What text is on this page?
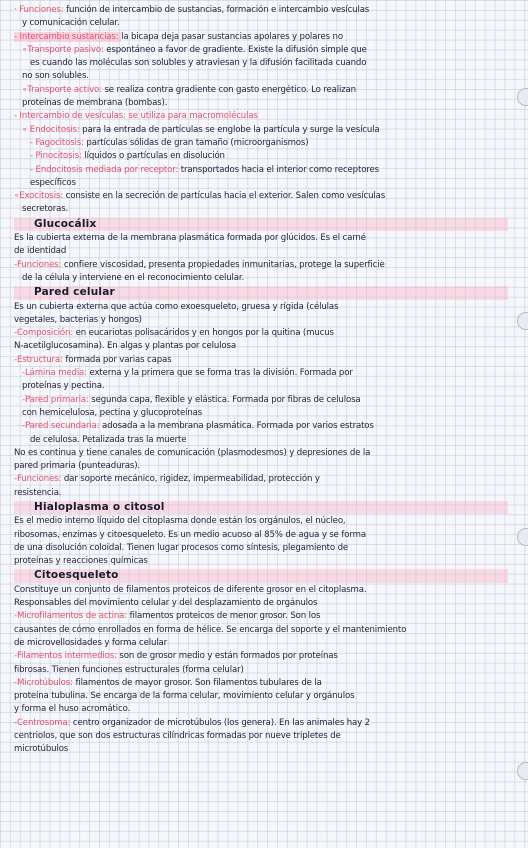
· Funciones: función de intercambio de sustancias, formación e intercambio vesículas
y comunicación celular.
- Intercambio sustancias: la bicapa deja pasar sustancias apolares y polares no
∘Transporte pasivo: espontáneo a favor de gradiente. Existe la difusión simple que
es cuando las moléculas son solubles y atraviesan y la difusión facilitada cuando
no son solubles.
∘Transporte activo: se realiza contra gradiente con gasto energético. Lo realizan
proteínas de membrana (bombas).
- Intercambio de vesículas: se utiliza para macromoléculas
∘ Endocitosis: para la entrada de partículas se englobe la partícula y surge la vesícula
- Fagocitosis: partículas sólidas de gran tamaño (microorganismos)
- Pinocitosis: líquidos o partículas en disolución
- Endocitosis mediada por receptor: transportados hacia el interior como receptores
específicos
∘Exocitosis: consiste en la secreción de partículas hacia el exterior. Salen como vesículas
secretoras.
Glucocálix
Es la cubierta externa de la membrana plasmática formada por glúcidos. Es el carné
de identidad
-Funciones: confiere viscosidad, presenta propiedades inmunitarias, protege la superficie
de la célula y interviene en el reconocimiento celular.
Pared celular
Es un cubierta externa que actúa como exoesqueleto, gruesa y rígida (células
vegetales, bacterias y hongos)
-Composición: en eucariotas polisacáridos y en hongos por la quitina (mucus
N-acetilglucosamina). En algas y plantas por celulosa
-Estructura: formada por varias capas
-Lámina media: externa y la primera que se forma tras la división. Formada por
proteínas y pectina.
-Pared primaria: segunda capa, flexible y elástica. Formada por fibras de celulosa
con hemicelulosa, pectina y glucoproteínas
-Pared secundaria: adosada a la membrana plasmática. Formada por varios estratos
de celulosa. Petalizada tras la muerte
No es continua y tiene canales de comunicación (plasmodesmos) y depresiones de la
pared primaria (punteaduras).
-Funciones: dar soporte mecánico, rigidez, impermeabilidad, protección y
resistencia.
Hialoplasma o citosol
Es el medio interno líquido del citoplasma donde están los orgánulos, el núcleo,
ribosomas, enzimas y citoesqueleto. Es un medio acuoso al 85% de agua y se forma
de una disolución coloidal. Tienen lugar procesos como síntesis, plegamiento de
proteínas y reacciones químicas
Citoesqueleto
Constituye un conjunto de filamentos proteicos de diferente grosor en el citoplasma.
Responsables del movimiento celular y del desplazamiento de orgánulos
-Microfilamentos de actina: filamentos proteicos de menor grosor. Son los
causantes de cómo enrollados en forma de hélice. Se encarga del soporte y el mantenimiento
de microvellosidades y forma celular
-Filamentos intermedios: son de grosor medio y están formados por proteínas
fibrosas. Tienen funciones estructurales (forma celular)
-Microtúbulos: filamentos de mayor grosor. Son filamentos tubulares de la
proteína tubulina. Se encarga de la forma celular, movimiento celular y orgánulos
y forma el huso acromático.
-Centrosoma: centro organizador de microtúbulos (los genera). En las animales hay 2
centriolos, que son dos estructuras cilíndricas formadas por nueve tripletes de
microtúbulos
